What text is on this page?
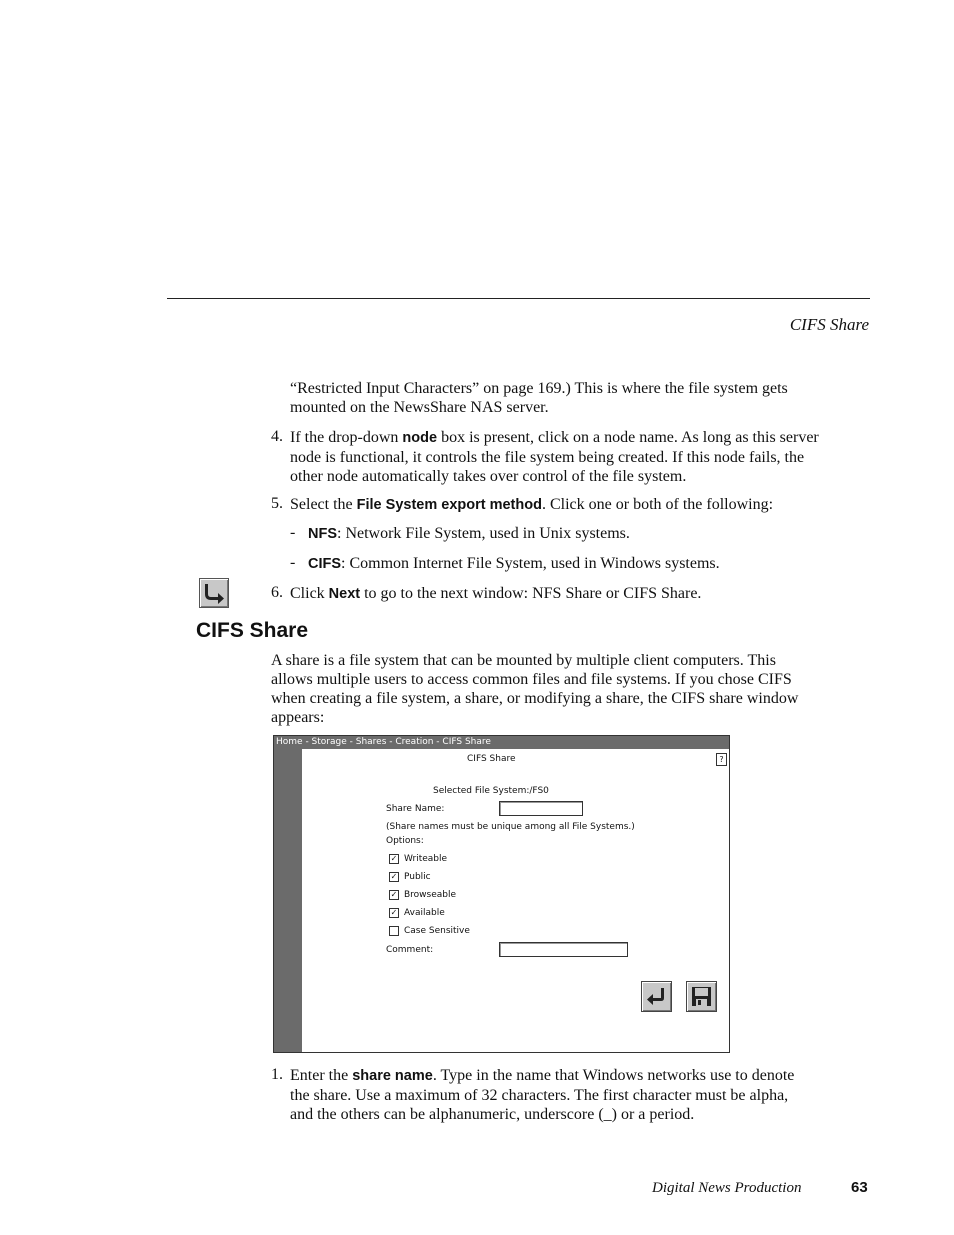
CIFS Share
“Restricted Input Characters” on page 169.) This is where the file system gets mounted on the NewsShare NAS server.
4. If the drop-down node box is present, click on a node name. As long as this server node is functional, it controls the file system being created. If this node fails, the other node automatically takes over control of the file system.
5. Select the File System export method. Click one or both of the following:
- NFS: Network File System, used in Unix systems.
- CIFS: Common Internet File System, used in Windows systems.
6. Click Next to go to the next window: NFS Share or CIFS Share.
CIFS Share
A share is a file system that can be mounted by multiple client computers. This allows multiple users to access common files and file systems. If you chose CIFS when creating a file system, a share, or modifying a share, the CIFS share window appears:
Home - Storage - Shares - Creation - CIFS Share
?
CIFS Share
Selected File System:/FS0
Share Name:
(Share names must be unique among all File Systems.)
Options:
✓ Writeable
✓ Public
✓ Browseable
✓ Available
Case Sensitive
Comment:
1. Enter the share name. Type in the name that Windows networks use to denote the share. Use a maximum of 32 characters. The first character must be alpha, and the others can be alphanumeric, underscore (_) or a period.
Digital News Production	63
